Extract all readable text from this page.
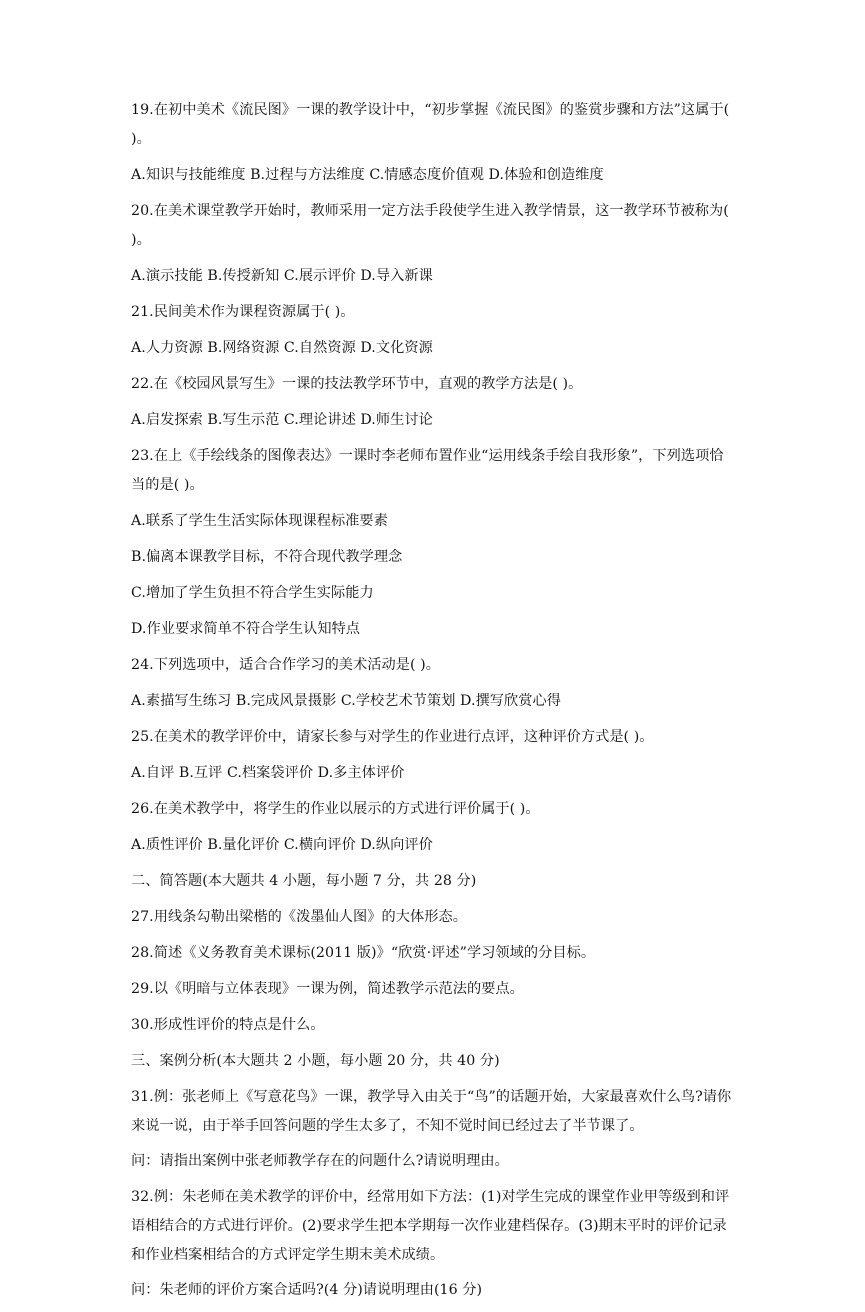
19.在初中美术《流民图》一课的教学设计中，“初步掌握《流民图》的鉴赏步骤和方法”这属于( )。

A.知识与技能维度 B.过程与方法维度 C.情感态度价值观 D.体验和创造维度

20.在美术课堂教学开始时，教师采用一定方法手段使学生进入教学情景，这一教学环节被称为( )。

A.演示技能 B.传授新知 C.展示评价 D.导入新课

21.民间美术作为课程资源属于( )。

A.人力资源 B.网络资源 C.自然资源 D.文化资源

22.在《校园风景写生》一课的技法教学环节中，直观的教学方法是( )。

A.启发探索 B.写生示范 C.理论讲述 D.师生讨论

23.在上《手绘线条的图像表达》一课时李老师布置作业“运用线条手绘自我形象”，下列选项恰当的是( )。

A.联系了学生生活实际体现课程标准要素

B.偏离本课教学目标，不符合现代教学理念

C.增加了学生负担不符合学生实际能力

D.作业要求简单不符合学生认知特点

24.下列选项中，适合合作学习的美术活动是( )。

A.素描写生练习 B.完成风景摄影 C.学校艺术节策划 D.撰写欣赏心得

25.在美术的教学评价中，请家长参与对学生的作业进行点评，这种评价方式是( )。

A.自评 B.互评 C.档案袋评价 D.多主体评价

26.在美术教学中，将学生的作业以展示的方式进行评价属于( )。

A.质性评价 B.量化评价 C.横向评价 D.纵向评价

二、简答题(本大题共 4 小题，每小题 7 分，共 28 分)

27.用线条勾勒出梁楷的《泼墨仙人图》的大体形态。

28.简述《义务教育美术课标(2011 版)》“欣赏·评述”学习领域的分目标。

29.以《明暗与立体表现》一课为例，简述教学示范法的要点。

30.形成性评价的特点是什么。

三、案例分析(本大题共 2 小题，每小题 20 分，共 40 分)

31.例：张老师上《写意花鸟》一课，教学导入由关于“鸟”的话题开始，大家最喜欢什么鸟?请你来说一说，由于举手回答问题的学生太多了，不知不觉时间已经过去了半节课了。

问：请指出案例中张老师教学存在的问题什么?请说明理由。

32.例：朱老师在美术教学的评价中，经常用如下方法：(1)对学生完成的课堂作业甲等级到和评语相结合的方式进行评价。(2)要求学生把本学期每一次作业建档保存。(3)期末平时的评价记录和作业档案相结合的方式评定学生期末美术成绩。

问：朱老师的评价方案合适吗?(4 分)请说明理由(16 分)
